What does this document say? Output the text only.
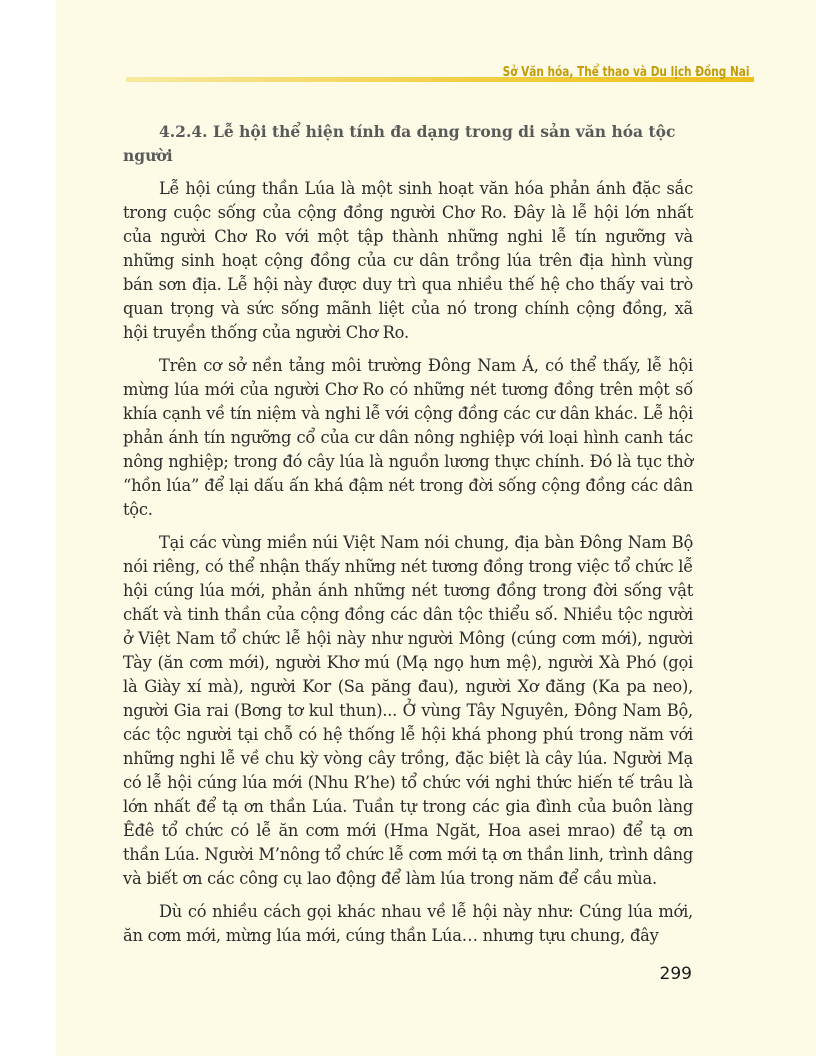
Sở Văn hóa, Thể thao và Du lịch Đồng Nai

4.2.4. Lễ hội thể hiện tính đa dạng trong di sản văn hóa tộc người

Lễ hội cúng thần Lúa là một sinh hoạt văn hóa phản ánh đặc sắc trong cuộc sống của cộng đồng người Chơ Ro. Đây là lễ hội lớn nhất của người Chơ Ro với một tập thành những nghi lễ tín ngưỡng và những sinh hoạt cộng đồng của cư dân trồng lúa trên địa hình vùng bán sơn địa. Lễ hội này được duy trì qua nhiều thế hệ cho thấy vai trò quan trọng và sức sống mãnh liệt của nó trong chính cộng đồng, xã hội truyền thống của người Chơ Ro.

Trên cơ sở nền tảng môi trường Đông Nam Á, có thể thấy, lễ hội mừng lúa mới của người Chơ Ro có những nét tương đồng trên một số khía cạnh về tín niệm và nghi lễ với cộng đồng các cư dân khác. Lễ hội phản ánh tín ngưỡng cổ của cư dân nông nghiệp với loại hình canh tác nông nghiệp; trong đó cây lúa là nguồn lương thực chính. Đó là tục thờ “hồn lúa” để lại dấu ấn khá đậm nét trong đời sống cộng đồng các dân tộc.

Tại các vùng miền núi Việt Nam nói chung, địa bàn Đông Nam Bộ nói riêng, có thể nhận thấy những nét tương đồng trong việc tổ chức lễ hội cúng lúa mới, phản ánh những nét tương đồng trong đời sống vật chất và tinh thần của cộng đồng các dân tộc thiểu số. Nhiều tộc người ở Việt Nam tổ chức lễ hội này như người Mông (cúng cơm mới), người Tày (ăn cơm mới), người Khơ mú (Mạ ngọ hưn mệ), người Xà Phó (gọi là Giày xí mà), người Kor (Sa păng đau), người Xơ đăng (Ka pa neo), người Gia rai (Bơng tơ kul thun)... Ở vùng Tây Nguyên, Đông Nam Bộ, các tộc người tại chỗ có hệ thống lễ hội khá phong phú trong năm với những nghi lễ về chu kỳ vòng cây trồng, đặc biệt là cây lúa. Người Mạ có lễ hội cúng lúa mới (Nhu R’he) tổ chức với nghi thức hiến tế trâu là lớn nhất để tạ ơn thần Lúa. Tuần tự trong các gia đình của buôn làng Êđê tổ chức có lễ ăn cơm mới (Hma Ngăt, Hoa asei mrao) để tạ ơn thần Lúa. Người M’nông tổ chức lễ cơm mới tạ ơn thần linh, trình dâng và biết ơn các công cụ lao động để làm lúa trong năm để cầu mùa.

Dù có nhiều cách gọi khác nhau về lễ hội này như: Cúng lúa mới, ăn cơm mới, mừng lúa mới, cúng thần Lúa… nhưng tựu chung, đây

299
